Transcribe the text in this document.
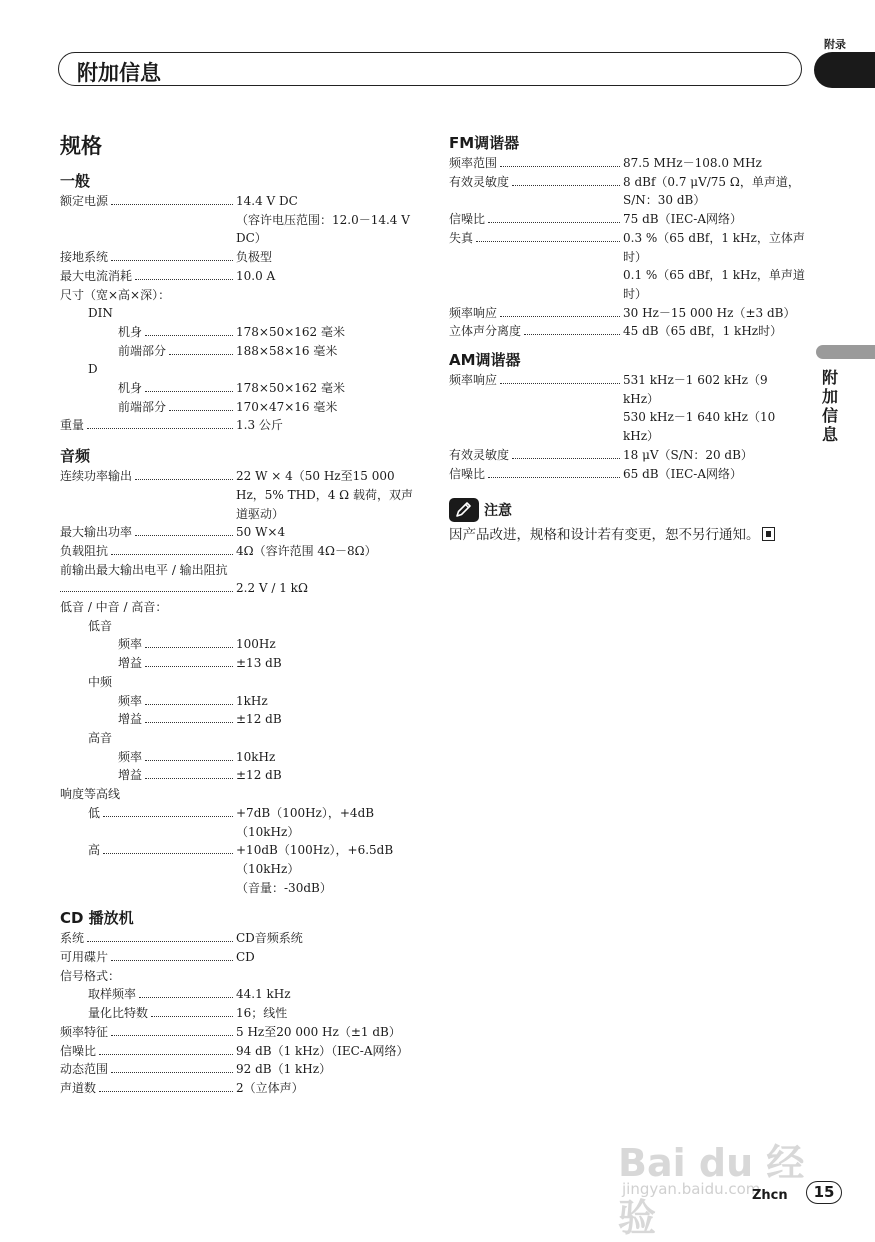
附录
附加信息
附加信息
规格
一般
额定电源	14.4 V DC
（容许电压范围：12.0－14.4 V DC）
接地系统	负极型
最大电流消耗	10.0 A
尺寸（宽×高×深）：
DIN
机身	178×50×162 毫米
前端部分	188×58×16 毫米
D
机身	178×50×162 毫米
前端部分	170×47×16 毫米
重量	1.3 公斤
音频
连续功率输出	22 W × 4（50 Hz至15 000 Hz，5% THD，4 Ω 载荷，双声道驱动）
最大输出功率	50 W×4
负载阻抗	4Ω（容许范围 4Ω－8Ω）
前输出最大输出电平 / 输出阻抗
2.2 V / 1 kΩ
低音 / 中音 / 高音：
低音
频率	100Hz
增益	±13 dB
中频
频率	1kHz
增益	±12 dB
高音
频率	10kHz
增益	±12 dB
响度等高线
低	+7dB（100Hz），+4dB
（10kHz）
高	+10dB（100Hz），+6.5dB
（10kHz）
（音量：-30dB）
CD 播放机
系统	CD音频系统
可用碟片	CD
信号格式：
取样频率	44.1 kHz
量化比特数	16；线性
频率特征	5 Hz至20 000 Hz（±1 dB）
信噪比	94 dB（1 kHz）（IEC-A网络）
动态范围	92 dB（1 kHz）
声道数	2（立体声）
FM调谐器
频率范围	87.5 MHz－108.0 MHz
有效灵敏度	8 dBf（0.7 μV/75 Ω，单声道，S/N：30 dB）
信噪比	75 dB（IEC-A网络）
失真	0.3 %（65 dBf，1 kHz，立体声时）
0.1 %（65 dBf，1 kHz，单声道时）
频率响应	30 Hz－15 000 Hz（±3 dB）
立体声分离度	45 dB（65 dBf，1 kHz时）
AM调谐器
频率响应	531 kHz－1 602 kHz（9 kHz）
530 kHz－1 640 kHz（10 kHz）
有效灵敏度	18 μV（S/N：20 dB）
信噪比	65 dB（IEC-A网络）
注意
因产品改进，规格和设计若有变更，恕不另行通知。
Bai du 经验
jingyan.baidu.com
Zhcn	15
